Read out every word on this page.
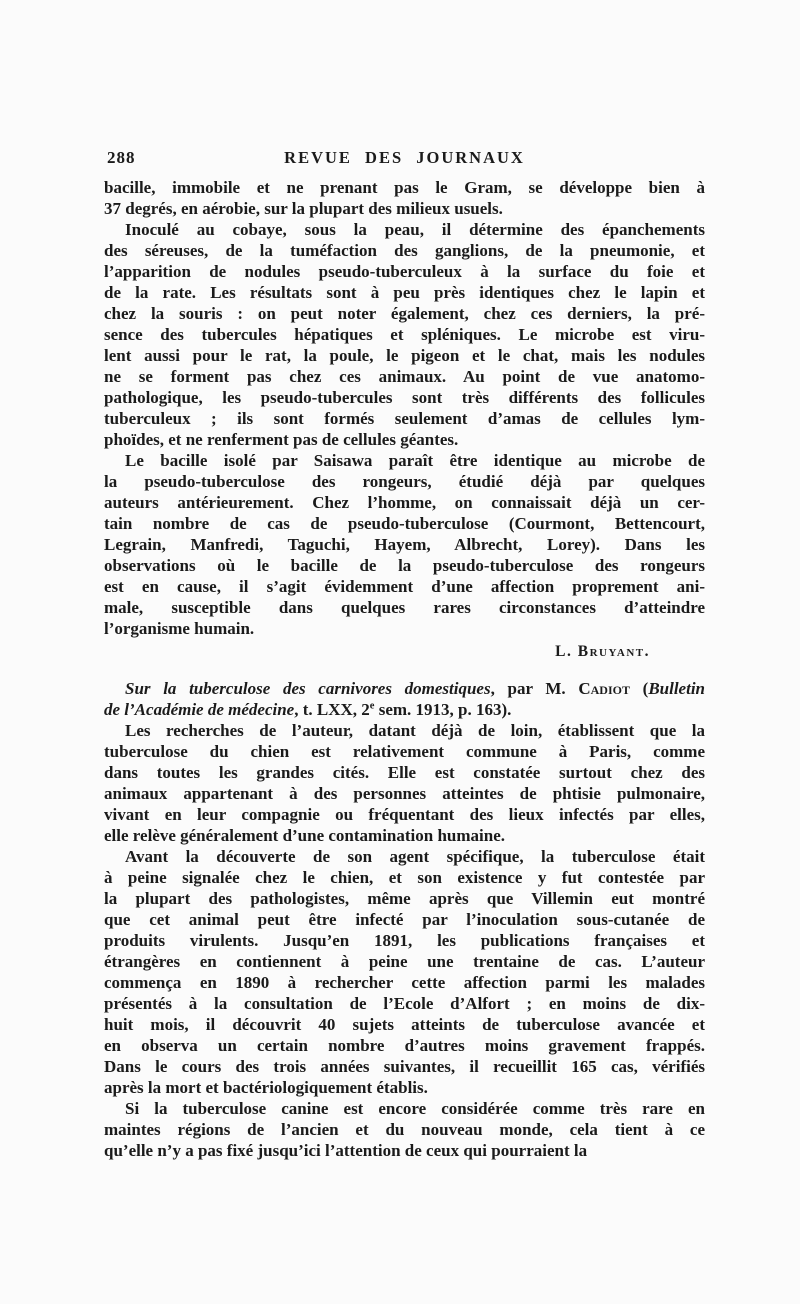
288	REVUE DES JOURNAUX
bacille, immobile et ne prenant pas le Gram, se développe bien à
37 degrés, en aérobie, sur la plupart des milieux usuels.
Inoculé au cobaye, sous la peau, il détermine des épanchements
des séreuses, de la tuméfaction des ganglions, de la pneumonie, et
l’apparition de nodules pseudo-tuberculeux à la surface du foie et
de la rate. Les résultats sont à peu près identiques chez le lapin et
chez la souris : on peut noter également, chez ces derniers, la pré-
sence des tubercules hépatiques et spléniques. Le microbe est viru-
lent aussi pour le rat, la poule, le pigeon et le chat, mais les nodules
ne se forment pas chez ces animaux. Au point de vue anatomo-
pathologique, les pseudo-tubercules sont très différents des follicules
tuberculeux ; ils sont formés seulement d’amas de cellules lym-
phoïdes, et ne renferment pas de cellules géantes.
Le bacille isolé par Saisawa paraît être identique au microbe de
la pseudo-tuberculose des rongeurs, étudié déjà par quelques
auteurs antérieurement. Chez l’homme, on connaissait déjà un cer-
tain nombre de cas de pseudo-tuberculose (Courmont, Bettencourt,
Legrain, Manfredi, Taguchi, Hayem, Albrecht, Lorey). Dans les
observations où le bacille de la pseudo-tuberculose des rongeurs
est en cause, il s’agit évidemment d’une affection proprement ani-
male, susceptible dans quelques rares circonstances d’atteindre
l’organisme humain.
L. Bruyant.
Sur la tuberculose des carnivores domestiques, par M. Cadiot (Bulletin
de l’Académie de médecine, t. LXX, 2e sem. 1913, p. 163).
Les recherches de l’auteur, datant déjà de loin, établissent que la
tuberculose du chien est relativement commune à Paris, comme
dans toutes les grandes cités. Elle est constatée surtout chez des
animaux appartenant à des personnes atteintes de phtisie pulmonaire,
vivant en leur compagnie ou fréquentant des lieux infectés par elles,
elle relève généralement d’une contamination humaine.
Avant la découverte de son agent spécifique, la tuberculose était
à peine signalée chez le chien, et son existence y fut contestée par
la plupart des pathologistes, même après que Villemin eut montré
que cet animal peut être infecté par l’inoculation sous-cutanée de
produits virulents. Jusqu’en 1891, les publications françaises et
étrangères en contiennent à peine une trentaine de cas. L’auteur
commença en 1890 à rechercher cette affection parmi les malades
présentés à la consultation de l’Ecole d’Alfort ; en moins de dix-
huit mois, il découvrit 40 sujets atteints de tuberculose avancée et
en observa un certain nombre d’autres moins gravement frappés.
Dans le cours des trois années suivantes, il recueillit 165 cas, vérifiés
après la mort et bactériologiquement établis.
Si la tuberculose canine est encore considérée comme très rare en
maintes régions de l’ancien et du nouveau monde, cela tient à ce
qu’elle n’y a pas fixé jusqu’ici l’attention de ceux qui pourraient la
